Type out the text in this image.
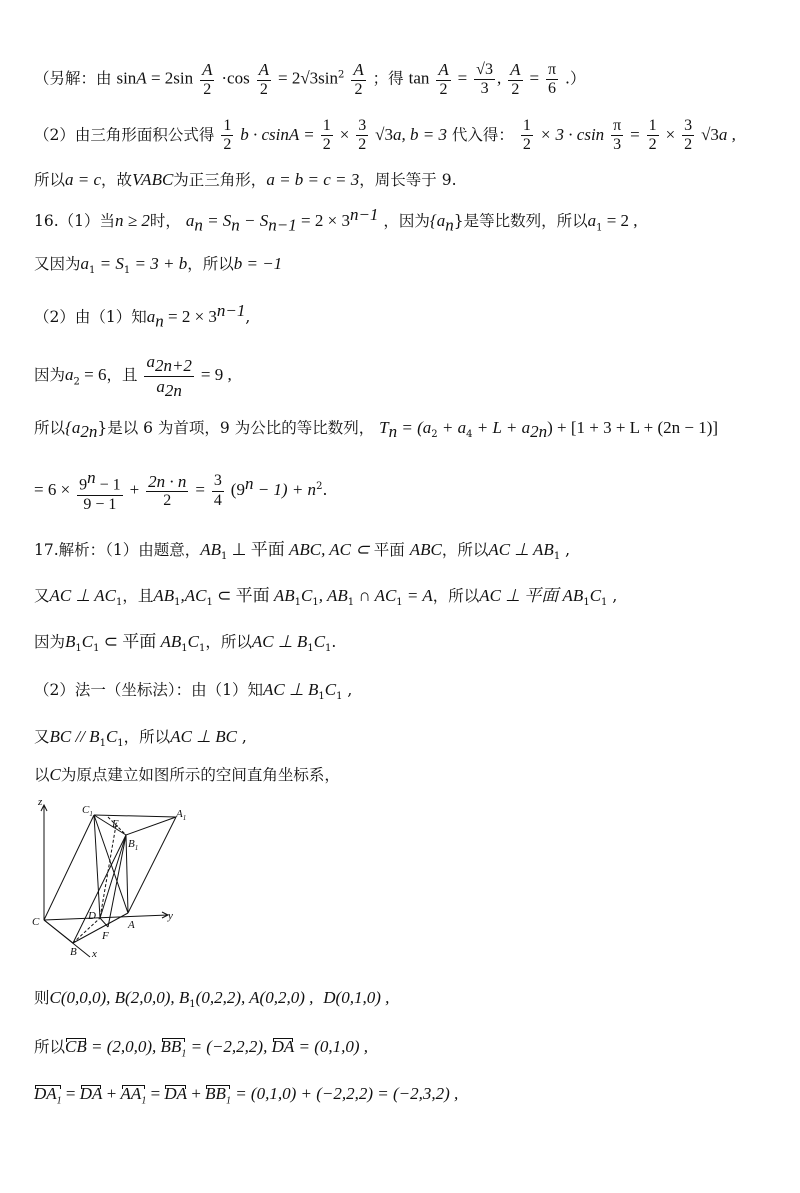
（另解：由 $\sin A = 2\sin \frac{A}{2} \cdot\cos \frac{A}{2} = 2√3\sin^2 \frac{A}{2}$ ；得 $\tan \frac{A}{2} = \frac{√3}{3}$ , $\frac{A}{2} = \frac{\pi}{6}$ .）
（2）由三角形面积公式得 $\frac{1}{2}$ $b \cdot csinA = \frac{1}{2} \times \frac{3}{2} √3a$, b = 3 代入得： $\frac{1}{2} \times 3 \cdot csin \frac{\pi}{3} = \frac{1}{2} \times \frac{3}{2} √3a$ ,
所以a = c，故VABC为正三角形，a = b = c = 3，周长等于 9.
16.（1）当n ≥ 2时， $a_n = S_n - S_{n-1} = 2 \times 3^{n-1}$ ，因为$\{a_n\}$是等比数列，所以$a_1 = 2$ ,
又因为$a_1 = S_1 = 3 + b$，所以b = −1
（2）由（1）知$a_n = 2 \times 3^{n-1}$,
因为$a_2 = 6$，且 $\frac{a_{2n+2}}{a_{2n}} = 9$ ,
所以$\{a_{2n}\}$是以 6 为首项，9 为公比的等比数列， $T_n = (a_2 + a_4 + L + a_{2n}) + [1 + 3 + L + (2n - 1)]$
= $6 \times \frac{9^n - 1}{9 - 1} + \frac{2n \cdot n}{2} = \frac{3}{4} (9^n - 1) + n^2$.
17.解析：（1）由题意，$AB_1$ ⊥ 平面 ABC, AC ⊂ 平面 ABC，所以AC ⊥ $AB_1$ ,
又AC ⊥ $AC_1$，且$AB_1,AC_1$ ⊂ 平面 $AB_1C_1$, $AB_1$ ∩ $AC_1 = A$，所以AC ⊥ 平面 $AB_1C_1$ ,
因为$B_1C_1$ ⊂ 平面 $AB_1C_1$，所以AC ⊥ $B_1C_1$.
（2）法一（坐标法）：由（1）知AC ⊥ $B_1C_1$ ,
又BC // $B_1C_1$，所以AC ⊥ BC ,
以C为原点建立如图所示的空间直角坐标系，
z
y
x
C
$C_1$	$A_1$
$B_1$
E
D
A
F
B
则C(0,0,0), B(2,0,0), $B_1(0,2,2)$, A(0,2,0) , D(0,1,0) ,
所以CB = (2,0,0), $BB_1 = (-2,2,2)$, DA = (0,1,0) ,
$DA_1$ = DA + $AA_1$ = DA + $BB_1 = (0,1,0) + (-2,2,2) = (-2,3,2)$ ,
